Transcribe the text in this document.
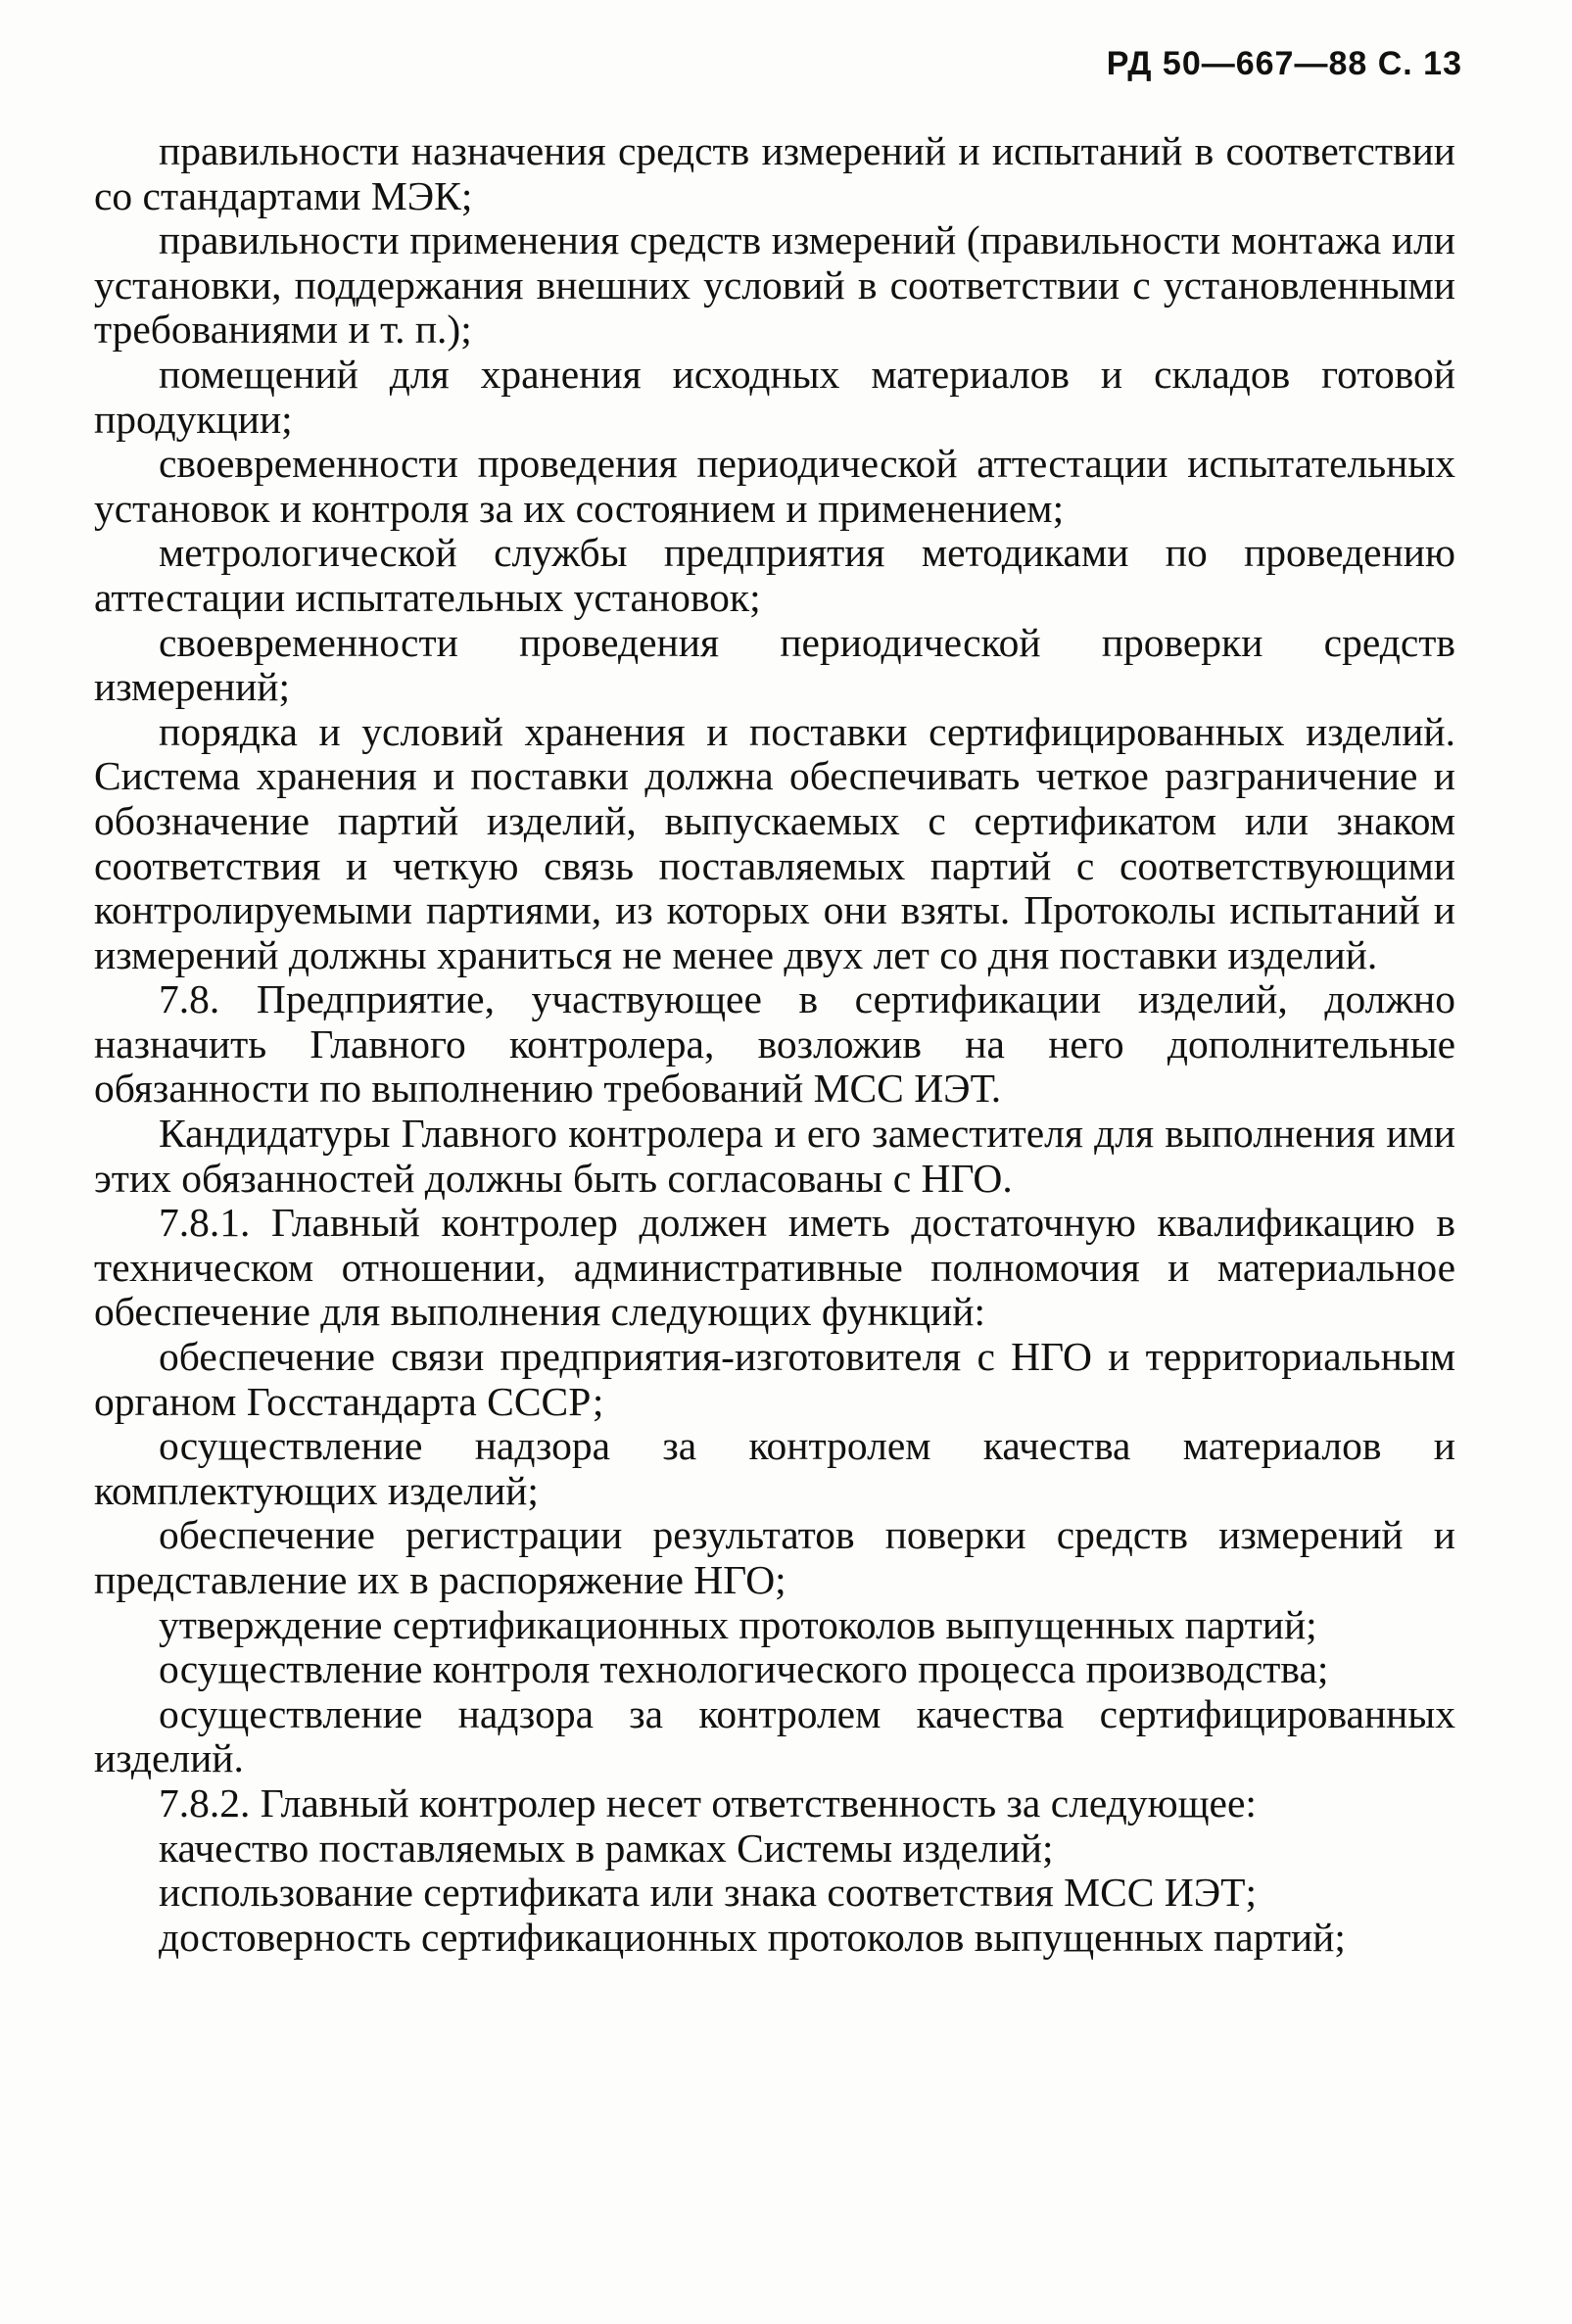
РД 50—667—88 С. 13

правильности назначения средств измерений и испытаний в соответствии со стандартами МЭК;

правильности применения средств измерений (правильности монтажа или установки, поддержания внешних условий в соответствии с установленными требованиями и т. п.);

помещений для хранения исходных материалов и складов готовой продукции;

своевременности проведения периодической аттестации испытательных установок и контроля за их состоянием и применением;

метрологической службы предприятия методиками по проведению аттестации испытательных установок;

своевременности проведения периодической проверки средств измерений;

порядка и условий хранения и поставки сертифицированных изделий. Система хранения и поставки должна обеспечивать четкое разграничение и обозначение партий изделий, выпускаемых с сертификатом или знаком соответствия и четкую связь поставляемых партий с соответствующими контролируемыми партиями, из которых они взяты. Протоколы испытаний и измерений должны храниться не менее двух лет со дня поставки изделий.

7.8. Предприятие, участвующее в сертификации изделий, должно назначить Главного контролера, возложив на него дополнительные обязанности по выполнению требований МСС ИЭТ.

Кандидатуры Главного контролера и его заместителя для выполнения ими этих обязанностей должны быть согласованы с НГО.

7.8.1. Главный контролер должен иметь достаточную квалификацию в техническом отношении, административные полномочия и материальное обеспечение для выполнения следующих функций:

обеспечение связи предприятия-изготовителя с НГО и территориальным органом Госстандарта СССР;

осуществление надзора за контролем качества материалов и комплектующих изделий;

обеспечение регистрации результатов поверки средств измерений и представление их в распоряжение НГО;

утверждение сертификационных протоколов выпущенных партий;

осуществление контроля технологического процесса производства;

осуществление надзора за контролем качества сертифицированных изделий.

7.8.2. Главный контролер несет ответственность за следующее:

качество поставляемых в рамках Системы изделий;

использование сертификата или знака соответствия МСС ИЭТ;

достоверность сертификационных протоколов выпущенных партий;
